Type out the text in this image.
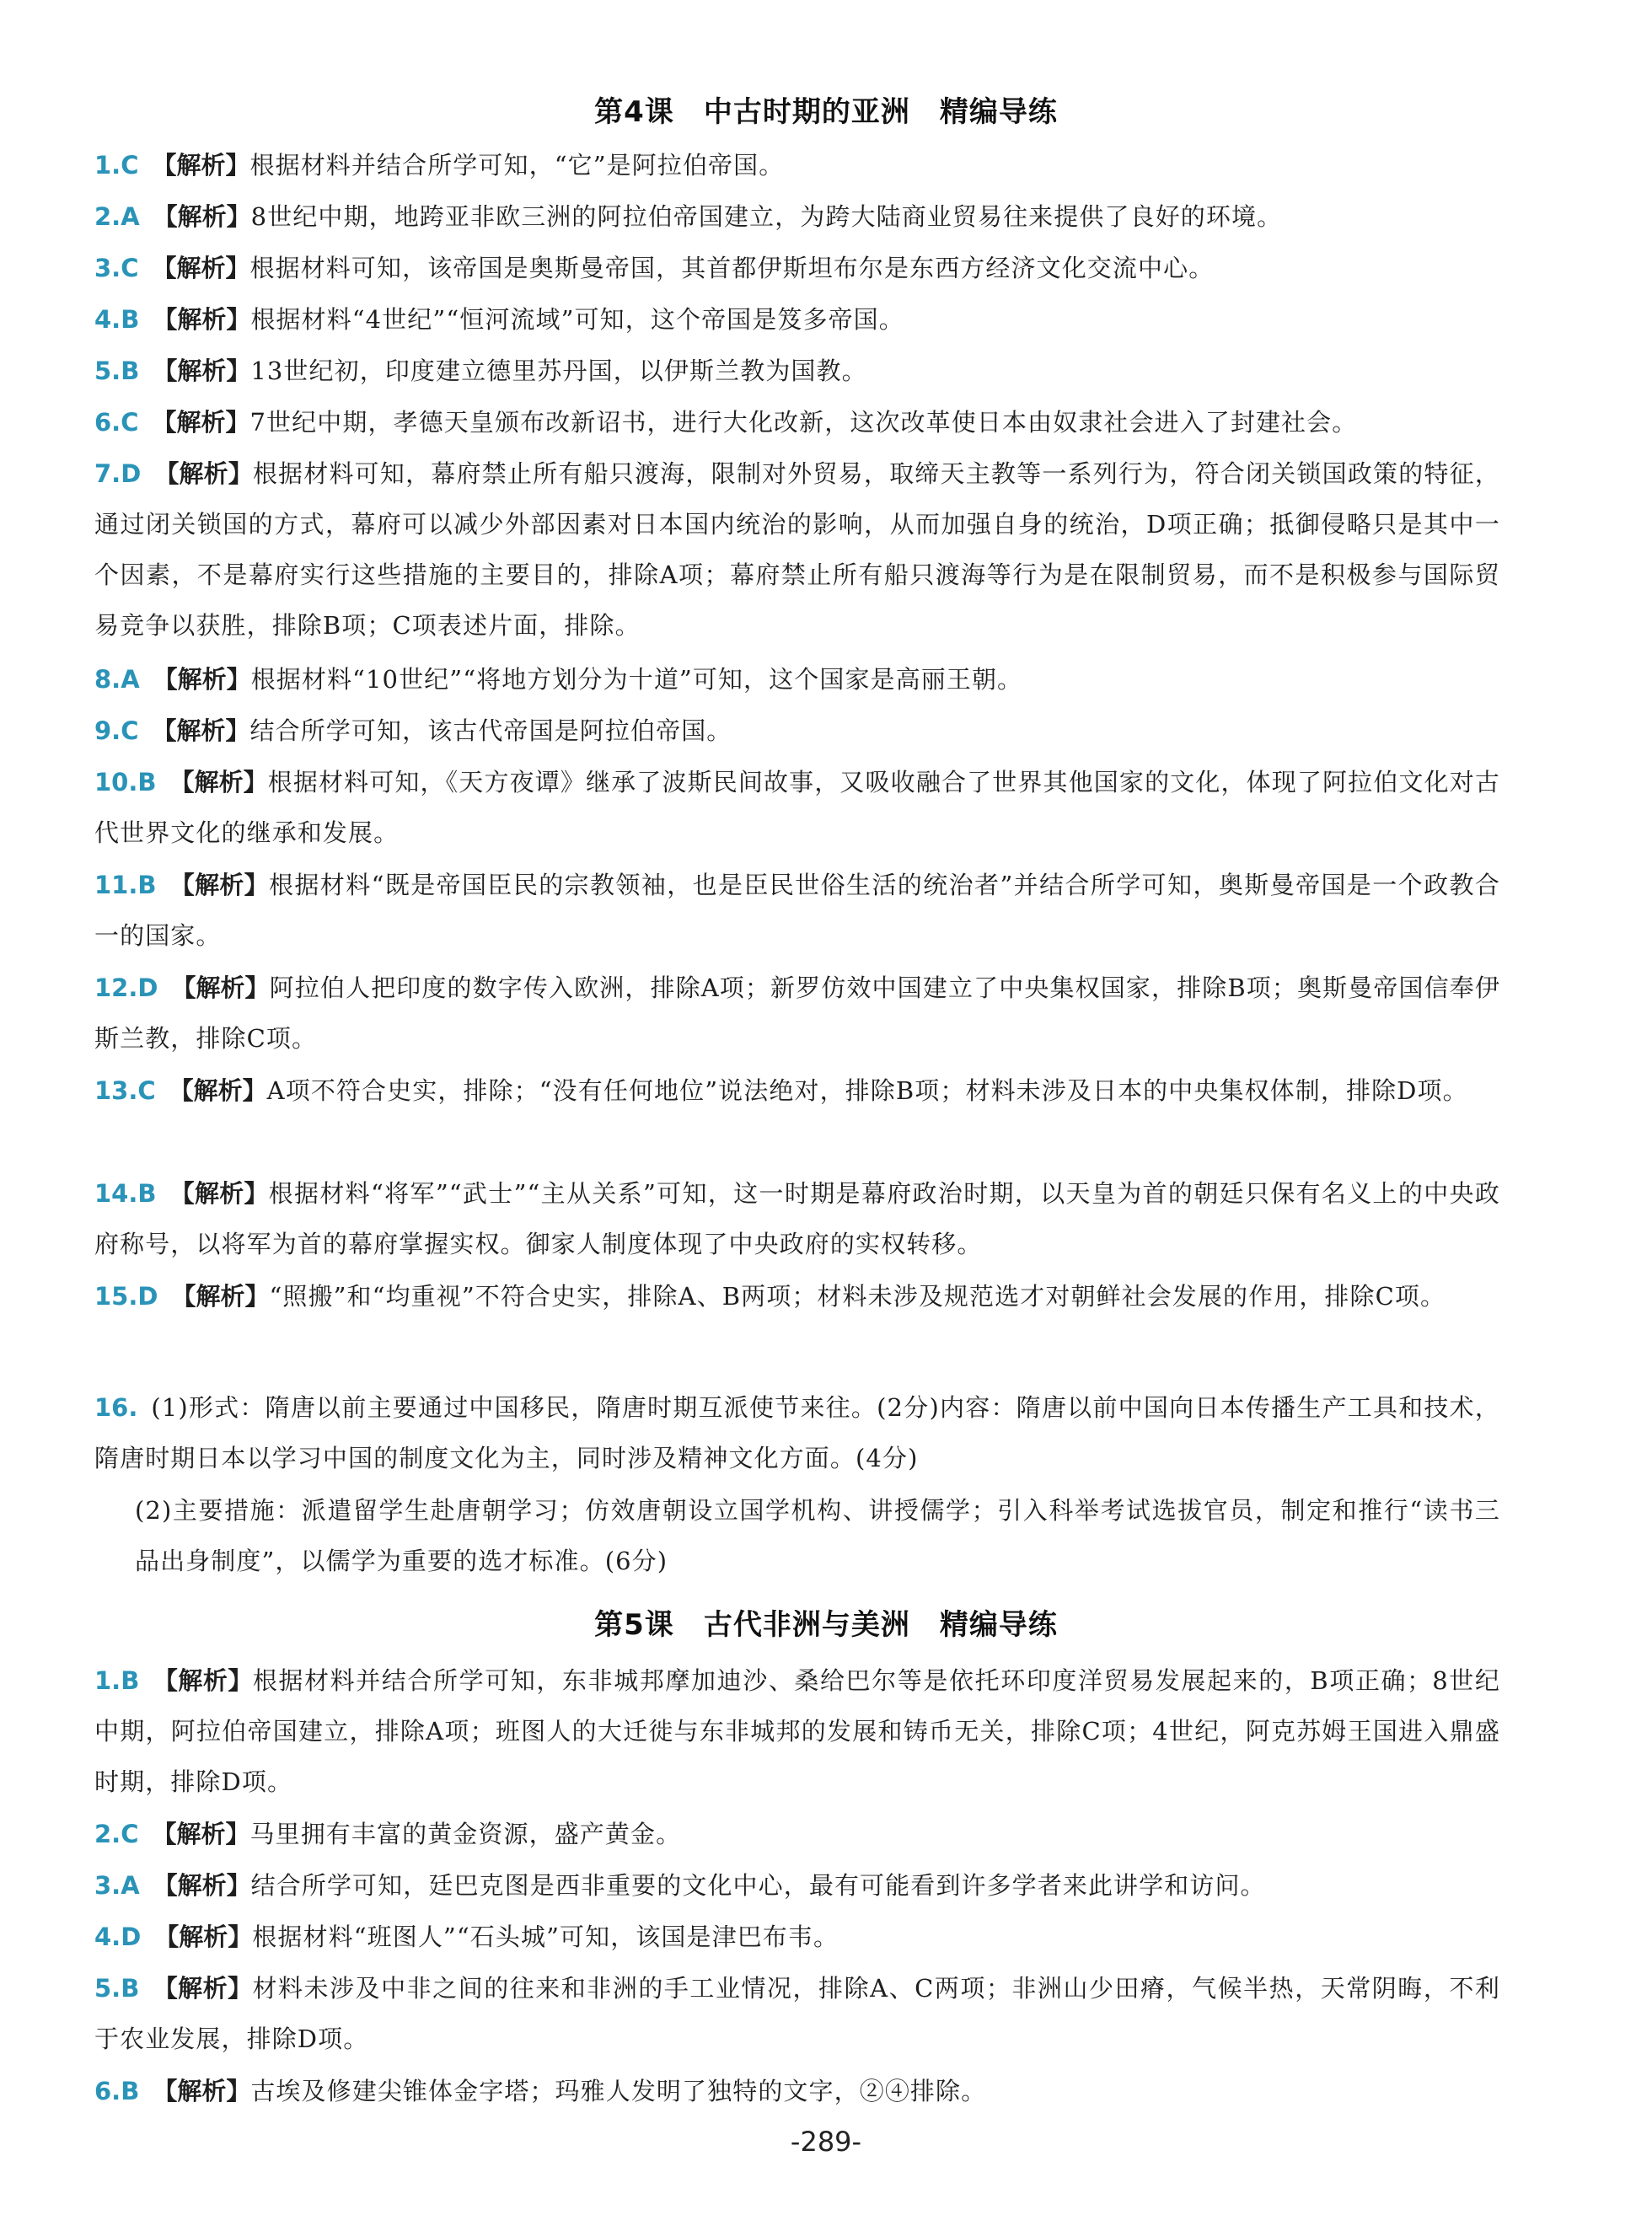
第4课　中古时期的亚洲　精编导练
1.C 【解析】根据材料并结合所学可知，“它”是阿拉伯帝国。
2.A 【解析】8世纪中期，地跨亚非欧三洲的阿拉伯帝国建立，为跨大陆商业贸易往来提供了良好的环境。
3.C 【解析】根据材料可知，该帝国是奥斯曼帝国，其首都伊斯坦布尔是东西方经济文化交流中心。
4.B 【解析】根据材料“4世纪”“恒河流域”可知，这个帝国是笈多帝国。
5.B 【解析】13世纪初，印度建立德里苏丹国，以伊斯兰教为国教。
6.C 【解析】7世纪中期，孝德天皇颁布改新诏书，进行大化改新，这次改革使日本由奴隶社会进入了封建社会。
7.D 【解析】根据材料可知，幕府禁止所有船只渡海，限制对外贸易，取缔天主教等一系列行为，符合闭关锁国政策的特征，通过闭关锁国的方式，幕府可以减少外部因素对日本国内统治的影响，从而加强自身的统治，D项正确；抵御侵略只是其中一个因素，不是幕府实行这些措施的主要目的，排除A项；幕府禁止所有船只渡海等行为是在限制贸易，而不是积极参与国际贸易竞争以获胜，排除B项；C项表述片面，排除。
8.A 【解析】根据材料“10世纪”“将地方划分为十道”可知，这个国家是高丽王朝。
9.C 【解析】结合所学可知，该古代帝国是阿拉伯帝国。
10.B 【解析】根据材料可知，《天方夜谭》继承了波斯民间故事，又吸收融合了世界其他国家的文化，体现了阿拉伯文化对古代世界文化的继承和发展。
11.B 【解析】根据材料“既是帝国臣民的宗教领袖，也是臣民世俗生活的统治者”并结合所学可知，奥斯曼帝国是一个政教合一的国家。
12.D 【解析】阿拉伯人把印度的数字传入欧洲，排除A项；新罗仿效中国建立了中央集权国家，排除B项；奥斯曼帝国信奉伊斯兰教，排除C项。
13.C 【解析】A项不符合史实，排除；“没有任何地位”说法绝对，排除B项；材料未涉及日本的中央集权体制，排除D项。
14.B 【解析】根据材料“将军”“武士”“主从关系”可知，这一时期是幕府政治时期，以天皇为首的朝廷只保有名义上的中央政府称号，以将军为首的幕府掌握实权。御家人制度体现了中央政府的实权转移。
15.D 【解析】“照搬”和“均重视”不符合史实，排除A、B两项；材料未涉及规范选才对朝鲜社会发展的作用，排除C项。
16. (1)形式：隋唐以前主要通过中国移民，隋唐时期互派使节来往。(2分)内容：隋唐以前中国向日本传播生产工具和技术，隋唐时期日本以学习中国的制度文化为主，同时涉及精神文化方面。(4分)
(2)主要措施：派遣留学生赴唐朝学习；仿效唐朝设立国学机构、讲授儒学；引入科举考试选拔官员，制定和推行“读书三品出身制度”，以儒学为重要的选才标准。(6分)
第5课　古代非洲与美洲　精编导练
1.B 【解析】根据材料并结合所学可知，东非城邦摩加迪沙、桑给巴尔等是依托环印度洋贸易发展起来的，B项正确；8世纪中期，阿拉伯帝国建立，排除A项；班图人的大迁徙与东非城邦的发展和铸币无关，排除C项；4世纪，阿克苏姆王国进入鼎盛时期，排除D项。
2.C 【解析】马里拥有丰富的黄金资源，盛产黄金。
3.A 【解析】结合所学可知，廷巴克图是西非重要的文化中心，最有可能看到许多学者来此讲学和访问。
4.D 【解析】根据材料“班图人”“石头城”可知，该国是津巴布韦。
5.B 【解析】材料未涉及中非之间的往来和非洲的手工业情况，排除A、C两项；非洲山少田瘠，气候半热，天常阴晦，不利于农业发展，排除D项。
6.B 【解析】古埃及修建尖锥体金字塔；玛雅人发明了独特的文字，②④排除。
-289-
